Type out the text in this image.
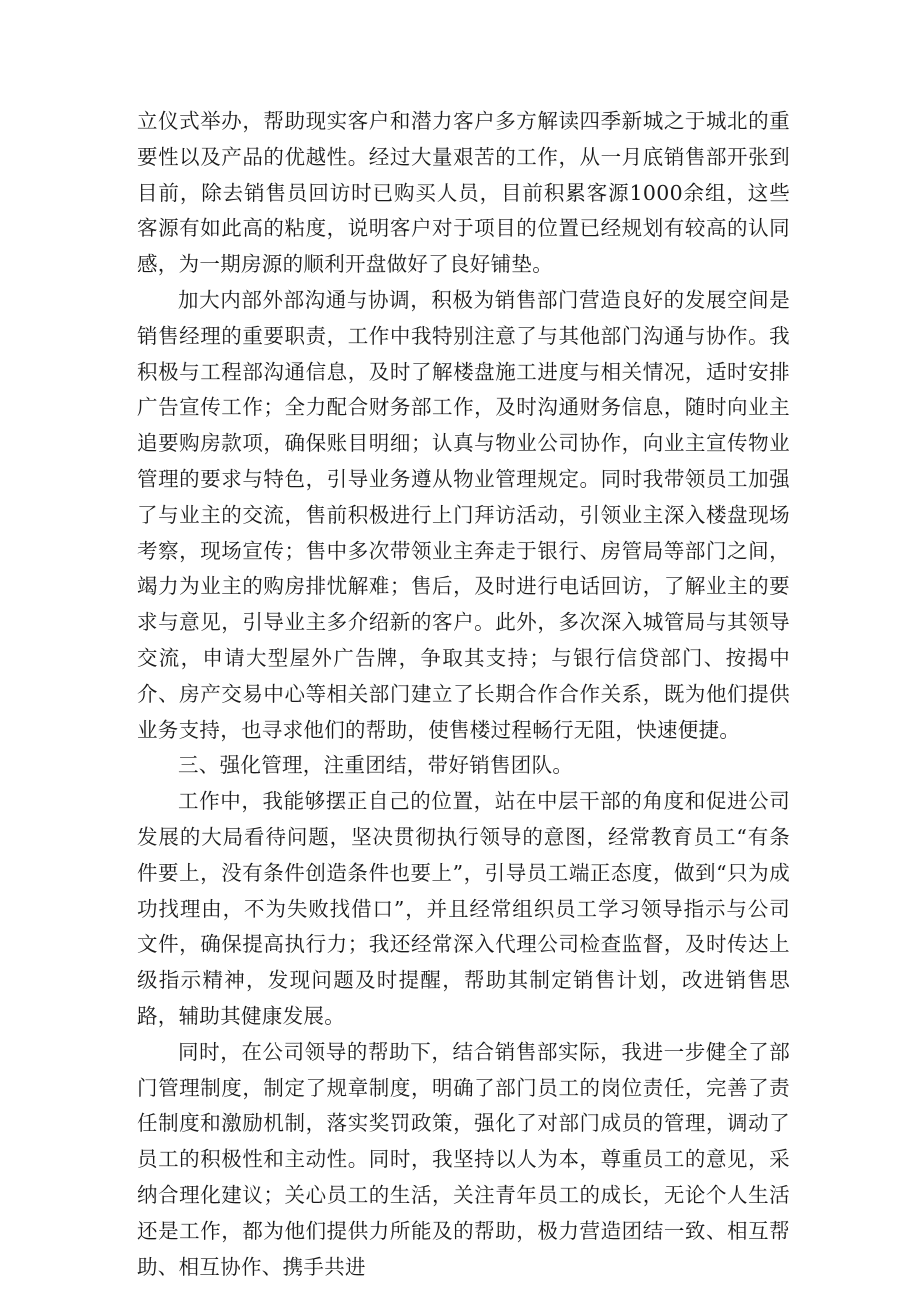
立仪式举办，帮助现实客户和潜力客户多方解读四季新城之于城北的重要性以及产品的优越性。经过大量艰苦的工作，从一月底销售部开张到目前，除去销售员回访时已购买人员，目前积累客源1000余组，这些客源有如此高的粘度，说明客户对于项目的位置已经规划有较高的认同感，为一期房源的顺利开盘做好了良好铺垫。

加大内部外部沟通与协调，积极为销售部门营造良好的发展空间是销售经理的重要职责，工作中我特别注意了与其他部门沟通与协作。我积极与工程部沟通信息，及时了解楼盘施工进度与相关情况，适时安排广告宣传工作；全力配合财务部工作，及时沟通财务信息，随时向业主追要购房款项，确保账目明细；认真与物业公司协作，向业主宣传物业管理的要求与特色，引导业务遵从物业管理规定。同时我带领员工加强了与业主的交流，售前积极进行上门拜访活动，引领业主深入楼盘现场考察，现场宣传；售中多次带领业主奔走于银行、房管局等部门之间，竭力为业主的购房排忧解难；售后，及时进行电话回访，了解业主的要求与意见，引导业主多介绍新的客户。此外，多次深入城管局与其领导交流，申请大型屋外广告牌，争取其支持；与银行信贷部门、按揭中介、房产交易中心等相关部门建立了长期合作合作关系，既为他们提供业务支持，也寻求他们的帮助，使售楼过程畅行无阻，快速便捷。

三、强化管理，注重团结，带好销售团队。

工作中，我能够摆正自己的位置，站在中层干部的角度和促进公司发展的大局看待问题，坚决贯彻执行领导的意图，经常教育员工“有条件要上，没有条件创造条件也要上”，引导员工端正态度，做到“只为成功找理由，不为失败找借口”，并且经常组织员工学习领导指示与公司文件，确保提高执行力；我还经常深入代理公司检查监督，及时传达上级指示精神，发现问题及时提醒，帮助其制定销售计划，改进销售思路，辅助其健康发展。

同时，在公司领导的帮助下，结合销售部实际，我进一步健全了部门管理制度，制定了规章制度，明确了部门员工的岗位责任，完善了责任制度和激励机制，落实奖罚政策，强化了对部门成员的管理，调动了员工的积极性和主动性。同时，我坚持以人为本，尊重员工的意见，采纳合理化建议；关心员工的生活，关注青年员工的成长，无论个人生活还是工作，都为他们提供力所能及的帮助，极力营造团结一致、相互帮助、相互协作、携手共进
